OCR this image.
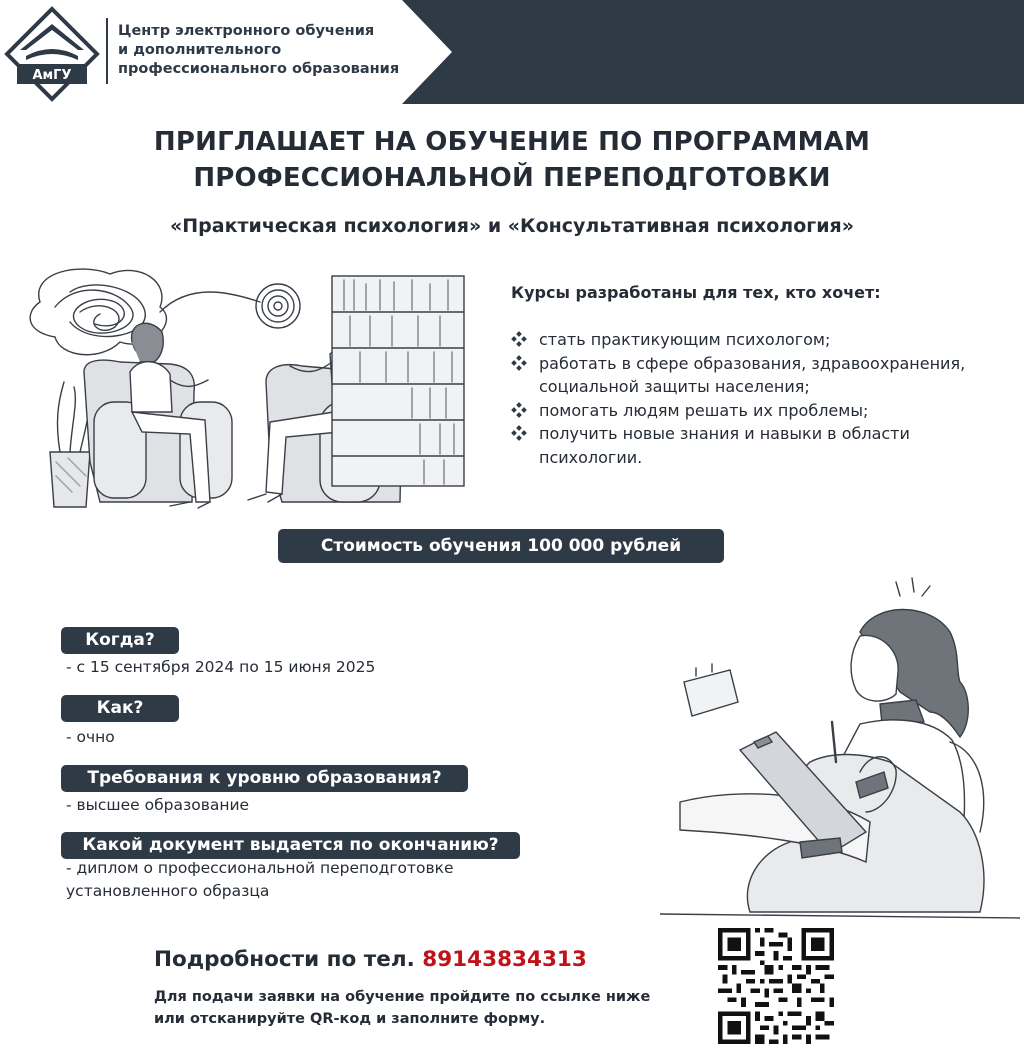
АмГУ
Центр электронного обучения
и дополнительного
профессионального образования
ПРИГЛАШАЕТ НА ОБУЧЕНИЕ ПО ПРОГРАММАМ
ПРОФЕССИОНАЛЬНОЙ ПЕРЕПОДГОТОВКИ
«Практическая психология» и «Консультативная психология»
Курсы разработаны для тех, кто хочет:
стать практикующим психологом;
работать в сфере образования, здравоохранения, социальной защиты населения;
помогать людям решать их проблемы;
получить новые знания и навыки в области психологии.
Стоимость обучения 100 000 рублей
Когда?
- с 15 сентября 2024 по 15 июня 2025
Как?
- очно
Требования к уровню образования?
- высшее образование
Какой документ выдается по окончанию?
- диплом о профессиональной переподготовке
установленного образца
Подробности по тел. 89143834313
Для подачи заявки на обучение пройдите по ссылке ниже
или отсканируйте QR-код и заполните форму.
